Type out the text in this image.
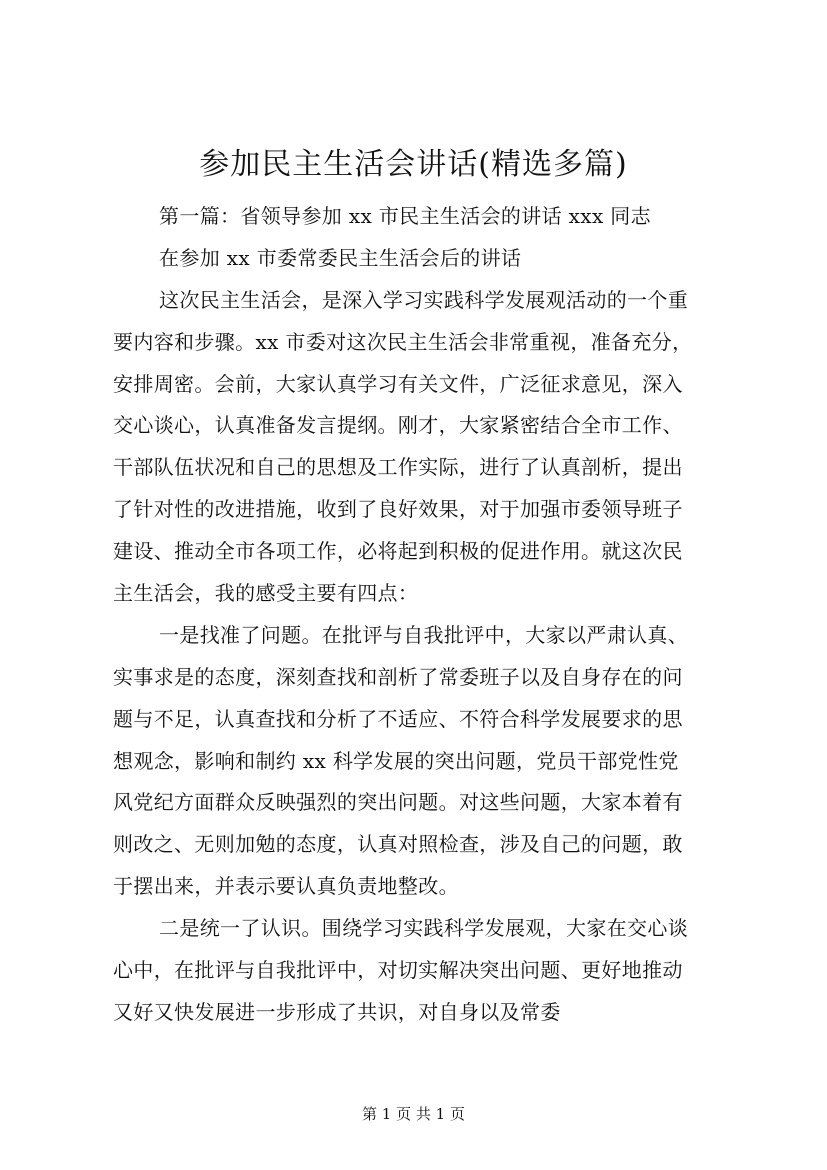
参加民主生活会讲话(精选多篇)
第一篇：省领导参加 xx 市民主生活会的讲话 xxx 同志
在参加 xx 市委常委民主生活会后的讲话
这次民主生活会，是深入学习实践科学发展观活动的一个重
要内容和步骤。xx 市委对这次民主生活会非常重视，准备充分，
安排周密。会前，大家认真学习有关文件，广泛征求意见，深入
交心谈心，认真准备发言提纲。刚才，大家紧密结合全市工作、
干部队伍状况和自己的思想及工作实际，进行了认真剖析，提出
了针对性的改进措施，收到了良好效果，对于加强市委领导班子
建设、推动全市各项工作，必将起到积极的促进作用。就这次民
主生活会，我的感受主要有四点：
一是找准了问题。在批评与自我批评中，大家以严肃认真、
实事求是的态度，深刻查找和剖析了常委班子以及自身存在的问
题与不足，认真查找和分析了不适应、不符合科学发展要求的思
想观念，影响和制约 xx 科学发展的突出问题，党员干部党性党
风党纪方面群众反映强烈的突出问题。对这些问题，大家本着有
则改之、无则加勉的态度，认真对照检查，涉及自己的问题，敢
于摆出来，并表示要认真负责地整改。
二是统一了认识。围绕学习实践科学发展观，大家在交心谈
心中，在批评与自我批评中，对切实解决突出问题、更好地推动
又好又快发展进一步形成了共识，对自身以及常委
第 1 页 共 1 页
